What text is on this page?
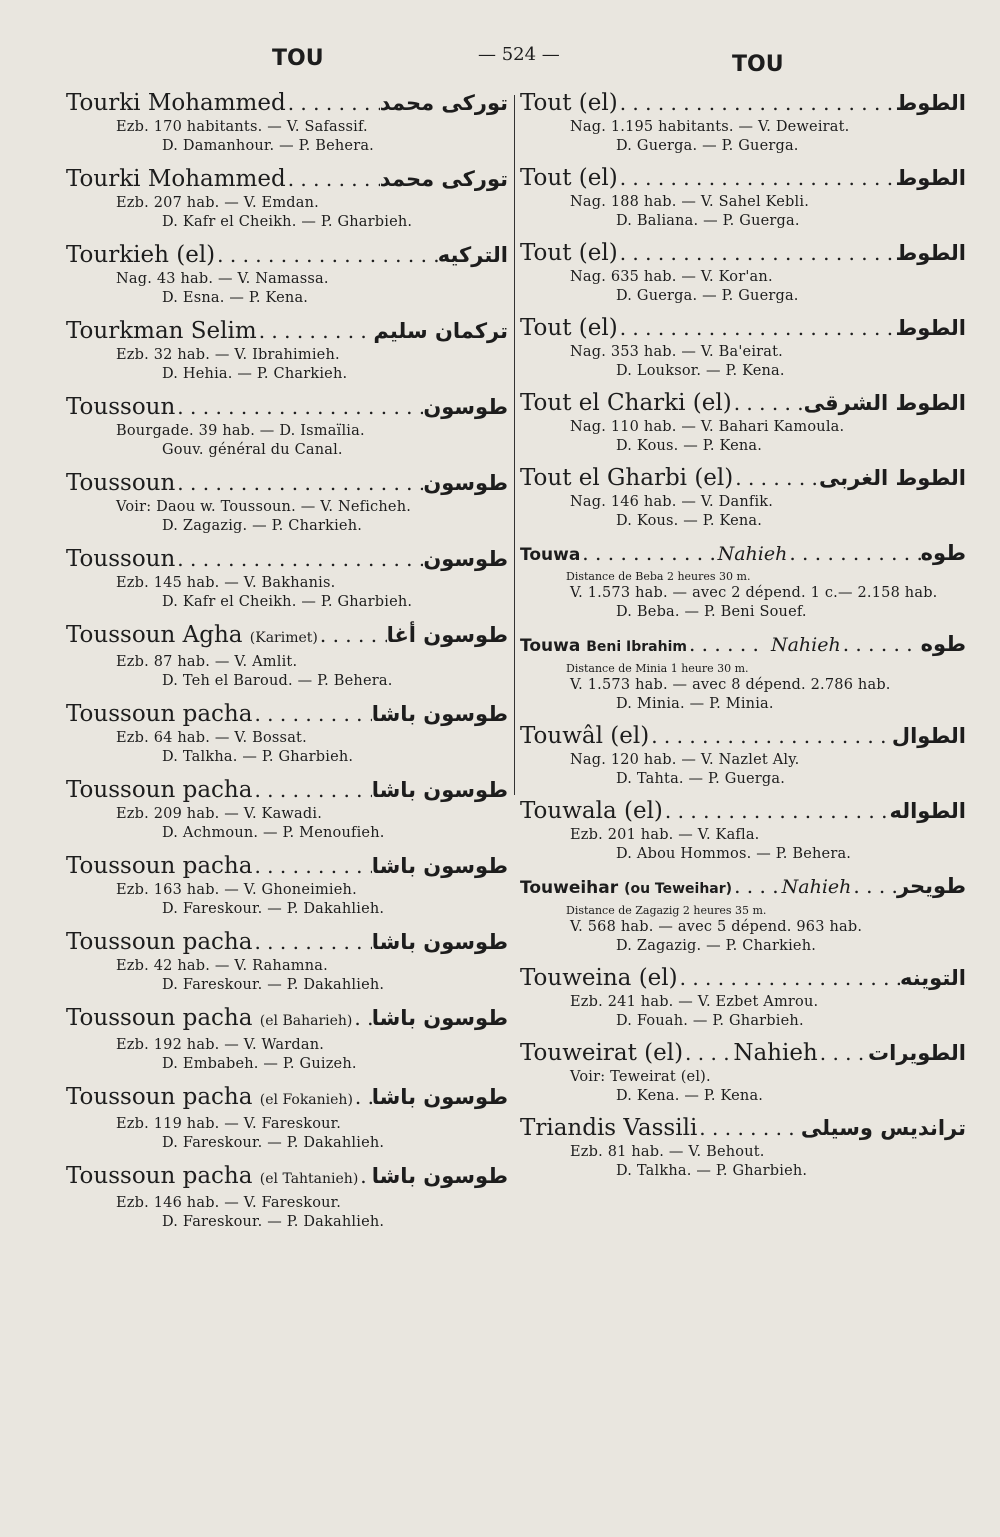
TOU	— 524 —	TOU
Tourki Mohammed . . .	توركى محمد
Ezb. 170 habitants. — V. Safassif.
D. Damanhour. — P. Behera.
Tourki Mohammed . . .	توركى محمد
Ezb. 207 hab. — V. Emdan.
D. Kafr el Cheikh. — P. Gharbieh.
Tourkieh (el) . . .	التركيه
Nag. 43 hab. — V. Namassa.
D. Esna. — P. Kena.
Tourkman Selim . . .	تركمان سليم
Ezb. 32 hab. — V. Ibrahimieh.
D. Hehia. — P. Charkieh.
Toussoun . . .	طوسون
Bourgade. 39 hab. — D. Ismaïlia.
Gouv. général du Canal.
Toussoun . . .	طوسون
Voir: Daou w. Toussoun. — V. Neficheh.
D. Zagazig. — P. Charkieh.
Toussoun . . .	طوسون
Ezb. 145 hab. — V. Bakhanis.
D. Kafr el Cheikh. — P. Gharbieh.
Toussoun Agha (Karimet) . . .	طوسون أغا
Ezb. 87 hab. — V. Amlit.
D. Teh el Baroud. — P. Behera.
Toussoun pacha . . .	طوسون باشا
Ezb. 64 hab. — V. Bossat.
D. Talkha. — P. Gharbieh.
Toussoun pacha . . .	طوسون باشا
Ezb. 209 hab. — V. Kawadi.
D. Achmoun. — P. Menoufieh.
Toussoun pacha . . .	طوسون باشا
Ezb. 163 hab. — V. Ghoneimieh.
D. Fareskour. — P. Dakahlieh.
Toussoun pacha . . .	طوسون باشا
Ezb. 42 hab. — V. Rahamna.
D. Fareskour. — P. Dakahlieh.
Toussoun pacha (el Baharieh) . . . طوسون باشا
Ezb. 192 hab. — V. Wardan.
D. Embabeh. — P. Guizeh.
Toussoun pacha (el Fokanieh) . . . طوسون باشا
Ezb. 119 hab. — V. Fareskour.
D. Fareskour. — P. Dakahlieh.
Toussoun pacha (el Tahtanieh) . . . طوسون باشا
Ezb. 146 hab. — V. Fareskour.
D. Fareskour. — P. Dakahlieh.
Tout (el) . . .	الطوط
Nag. 1.195 habitants. — V. Deweirat.
D. Guerga. — P. Guerga.
Tout (el) . . .	الطوط
Nag. 188 hab. — V. Sahel Kebli.
D. Baliana. — P. Guerga.
Tout (el) . . .	الطوط
Nag. 635 hab. — V. Kor'an.
D. Guerga. — P. Guerga.
Tout (el) . . .	الطوط
Nag. 353 hab. — V. Ba'eirat.
D. Louksor. — P. Kena.
Tout el Charki (el) . . .	الطوط الشرقى
Nag. 110 hab. — V. Bahari Kamoula.
D. Kous. — P. Kena.
Tout el Gharbi (el) . . .	الطوط الغربى
Nag. 146 hab. — V. Danfik.
D. Kous. — P. Kena.
Touwa . . .	Nahieh . . .	طوه
Distance de Beba 2 heures 30 m.
V. 1.573 hab. — avec 2 dépend. 1 c.— 2.158 hab.
D. Beba. — P. Beni Souef.
Touwa Beni Ibrahim . . .	Nahieh . . .	طوه
Distance de Minia 1 heure 30 m.
V. 1.573 hab. — avec 8 dépend. 2.786 hab.
D. Minia. — P. Minia.
Touwâl (el) . . .	الطوال
Nag. 120 hab. — V. Nazlet Aly.
D. Tahta. — P. Guerga.
Touwala (el) . . .	الطواله
Ezb. 201 hab. — V. Kafla.
D. Abou Hommos. — P. Behera.
Touweihar (ou Teweihar) . . .	Nahieh . . . طويحر
Distance de Zagazig 2 heures 35 m.
V. 568 hab. — avec 5 dépend. 963 hab.
D. Zagazig. — P. Charkieh.
Touweina (el) . . .	التوينه
Ezb. 241 hab. — V. Ezbet Amrou.
D. Fouah. — P. Gharbieh.
Touweirat (el) . . . Nahieh . . . الطويرات
Voir: Teweirat (el).
D. Kena. — P. Kena.
Triandis Vassili . . .	ترانديس وسيلى
Ezb. 81 hab. — V. Behout.
D. Talkha. — P. Gharbieh.
